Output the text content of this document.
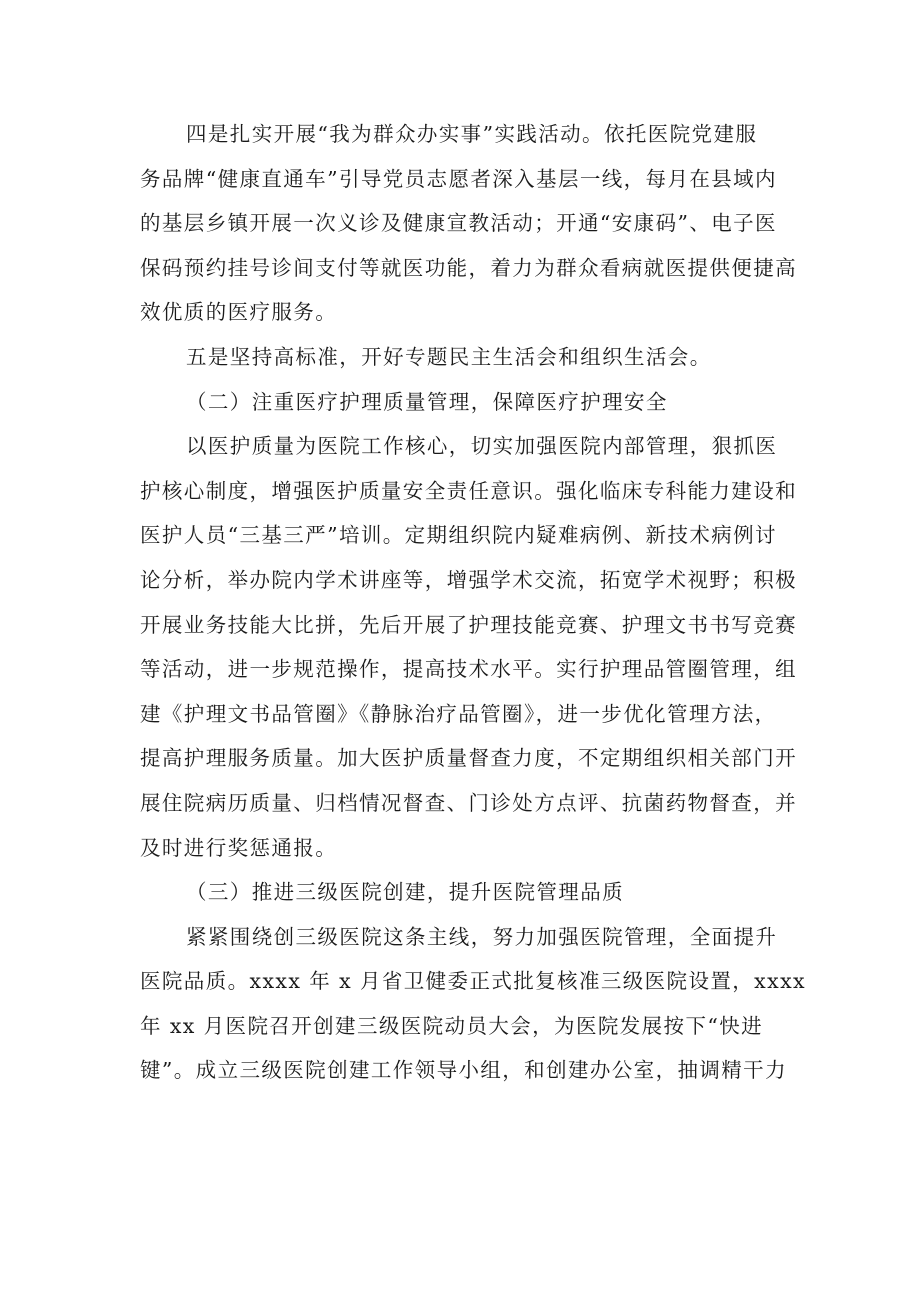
四是扎实开展“我为群众办实事”实践活动。依托医院党建服
务品牌“健康直通车”引导党员志愿者深入基层一线，每月在县域内
的基层乡镇开展一次义诊及健康宣教活动；开通“安康码”、电子医
保码预约挂号诊间支付等就医功能，着力为群众看病就医提供便捷高
效优质的医疗服务。
五是坚持高标准，开好专题民主生活会和组织生活会。
（二）注重医疗护理质量管理，保障医疗护理安全
以医护质量为医院工作核心，切实加强医院内部管理，狠抓医
护核心制度，增强医护质量安全责任意识。强化临床专科能力建设和
医护人员“三基三严”培训。定期组织院内疑难病例、新技术病例讨
论分析，举办院内学术讲座等，增强学术交流，拓宽学术视野；积极
开展业务技能大比拼，先后开展了护理技能竞赛、护理文书书写竞赛
等活动，进一步规范操作，提高技术水平。实行护理品管圈管理，组
建《护理文书品管圈》《静脉治疗品管圈》，进一步优化管理方法，
提高护理服务质量。加大医护质量督查力度，不定期组织相关部门开
展住院病历质量、归档情况督查、门诊处方点评、抗菌药物督查，并
及时进行奖惩通报。
（三）推进三级医院创建，提升医院管理品质
紧紧围绕创三级医院这条主线，努力加强医院管理，全面提升
医院品质。xxxx 年 x 月省卫健委正式批复核准三级医院设置，xxxx
年 xx 月医院召开创建三级医院动员大会，为医院发展按下“快进
键”。成立三级医院创建工作领导小组，和创建办公室，抽调精干力
